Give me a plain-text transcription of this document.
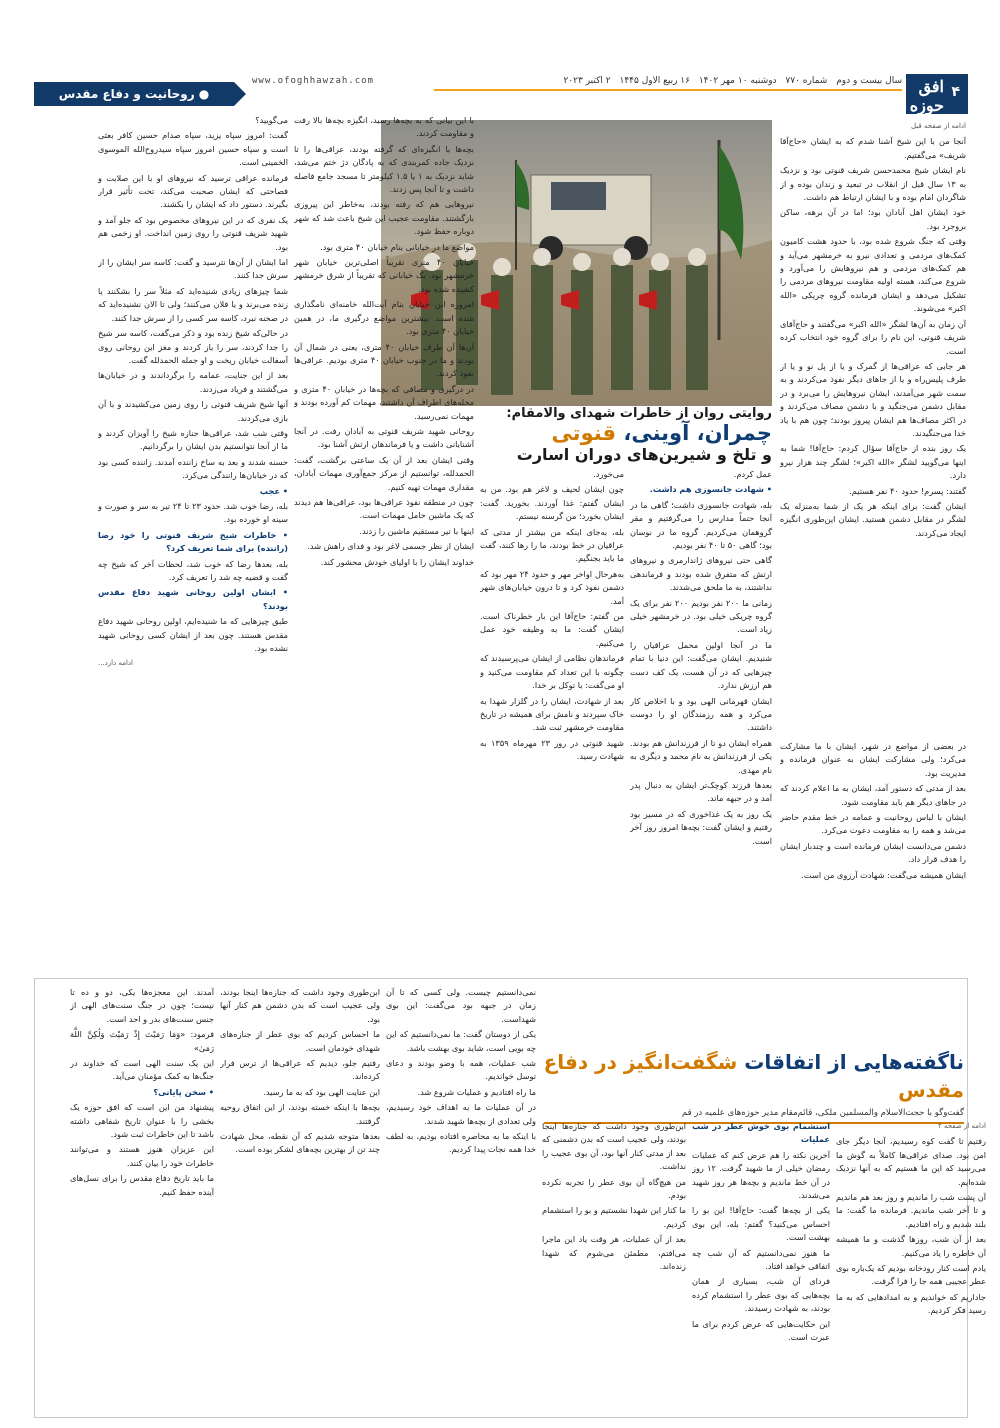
۴
افق حوزه
سال بیست و دوم شماره ۷۷۰ دوشنبه ۱۰ مهر ۱۴۰۲ ۱۶ ربیع الاول ۱۴۴۵ ۲ اکتبر ۲۰۲۳
www.ofoghhawzah.com
● روحانیت و دفاع مقدس

ادامه از صفحه قبل

آنجا من با این شیخ آشنا شدم که به ایشان «حاج‌آقا شریف» می‌گفتیم.

نام ایشان شیخ محمدحسن شریف قنوتی بود و نزدیک به ۱۳ سال قبل از انقلاب در تبعید و زندان بوده و از شاگردان امام بوده و با ایشان ارتباط هم داشت.

خود ایشان اهل آبادان بود؛ اما در آن برهه، ساکن بروجرد بود.

وقتی که جنگ شروع شده بود، با حدود هشت کامیون کمک‌های مردمی و تعدادی نیرو به خرمشهر می‌آید و هم کمک‌های مردمی و هم نیروهایش را می‌آورد و شروع می‌کند، هسته اولیه مقاومت نیروهای مردمی را تشکیل می‌دهد و ایشان فرمانده گروه چریکی «الله اکبر» می‌شوند.

آن زمان به آن‌ها لشگر «الله اکبر» می‌گفتند و حاج‌آقای شریف قنوتی، این نام را برای گروه خود انتخاب کرده است.

هر جایی که عراقی‌ها از گمرک و یا از پل نو و یا از طرف پلیس‌راه و یا از جاهای دیگر نفوذ می‌کردند و به سمت شهر می‌آمدند، ایشان نیروهایش را می‌برد و در مقابل دشمن می‌جنگید و با دشمن مصاف می‌کردند و در اکثر مصاف‌ها هم ایشان پیروز بودند؛ چون هم با یاد خدا می‌جنگیدند.

یک روز بنده از حاج‌آقا سؤال کردم: حاج‌آقا! شما به اینها می‌گویید لشگر «الله اکبر»؛ لشگر چند هزار نیرو دارد.

گفتند: پسرم! حدود ۴۰ نفر هستیم.

ایشان گفت: برای اینکه هر یک از شما به‌منزله یک لشگر در مقابل دشمن هستید. ایشان این‌طوری انگیزه ایجاد می‌کردند.

در بعضی از مواضع در شهر، ایشان با ما مشارکت می‌کرد؛ ولی مشارکت ایشان به عنوان فرمانده و مدیریت بود.

بعد از مدتی که دستور آمد، ایشان به ما اعلام کردند که در جاهای دیگر هم باید مقاومت شود.

ایشان با لباس روحانیت و عمامه در خط مقدم حاضر می‌شد و همه را به مقاومت دعوت می‌کرد.

دشمن می‌دانست ایشان فرمانده است و چندبار ایشان را هدف قرار داد.

ایشان همیشه می‌گفت: شهادت آرزوی من است.

روایتی روان از خاطرات شهدای والامقام:
چمران، آوینی، قنوتی
و تلخ و شیرین‌های دوران اسارت

عمل کردم.

• شهادت جانسوزی هم داشت.

بله، شهادت جانسوزی داشت؛ گاهی ما در آنجا حتماً مدارس را می‌گرفتیم و مقر گروهمان می‌کردیم. گروه ما در نوسان بود؛ گاهی ۵۰ تا ۴۰ نفر بودیم.

گاهی حتی نیروهای ژاندارمری و نیروهای ارتش که متفرق شده بودند و فرماندهی نداشتند، به ما ملحق می‌شدند.

زمانی ما ۲۰۰ نفر بودیم ۲۰۰ نفر برای یک گروه چریکی خیلی بود. در خرمشهر خیلی زیاد است.

ما در آنجا اولین محمل عراقیان را شنیدیم. ایشان می‌گفت: این دنیا با تمام چیزهایی که در آن هست، یک کف دست هم ارزش ندارد.

ایشان قهرمانی الهی بود و با اخلاص کار می‌کرد و همه رزمندگان او را دوست داشتند.

همراه ایشان دو تا از فرزندانش هم بودند. یکی از فرزندانش به نام محمد و دیگری به نام مهدی.

بعدها فرزند کوچک‌تر ایشان به دنبال پدر آمد و در جبهه ماند.

یک روز به یک غذاخوری که در مسیر بود رفتیم و ایشان گفت: بچه‌ها امروز روز آخر است.

می‌خورد.

چون ایشان لحیف و لاغر هم بود. من به ایشان گفتم: غذا آوردند. بخورید. گفت: ایشان بخورد؛ من گرسنه نیستم.

بله، به‌جای اینکه من بیشتر از مدتی که عراقیان در خط بودند، ما را رها کنند، گفت ما باید بجنگیم.

به‌هرحال اواخر مهر و حدود ۲۴ مهر بود که دشمن نفوذ کرد و تا درون خیابان‌های شهر آمد.

من گفتم: حاج‌آقا این بار خطرناک است. ایشان گفت: ما به وظیفه خود عمل می‌کنیم.

فرماندهان نظامی از ایشان می‌پرسیدند که چگونه با این تعداد کم مقاومت می‌کنید و او می‌گفت: با توکل بر خدا.

بعد از شهادت، ایشان را در گلزار شهدا به خاک سپردند و نامش برای همیشه در تاریخ مقاومت خرمشهر ثبت شد.

شهید قنوتی در روز ۲۳ مهرماه ۱۳۵۹ به شهادت رسید.

با این بیانی که به بچه‌ها رسید، انگیزه بچه‌ها بالا رفت و مقاومت کردند.

بچه‌ها با انگیزه‌ای که گرفته بودند، عراقی‌ها را تا نزدیک جاده کمربندی که به پادگان دژ ختم می‌شد، شاید نزدیک به ۱ یا ۱.۵ کیلومتر تا مسجد جامع فاصله داشت و تا آنجا پس زدند.

نیروهایی هم که رفته بودند، به‌خاطر این پیروزی بازگشتند. مقاومت عجیب این شیخ باعث شد که شهر دوباره حفظ شود.

مواضع ما در خیابانی بنام خیابان ۴۰ متری بود.

خیابان ۴۰ متری تقریباً اصلی‌ترین خیابان شهر خرمشهر بود. یک خیابانی که تقریباً از شرق خرمشهر کشیده شده بود.

امروزه این خیابان بنام آیت‌الله خامنه‌ای نامگذاری شده است. بیشترین مواضع درگیری ما، در همین خیابان ۴۰ متری بود.

آن‌ها آن طرف خیابان ۴۰ متری، یعنی در شمال آن بودند و ما در جنوب خیابان ۴۰ متری بودیم. عراقی‌ها نفوذ کردند.

در درگیری و مصافی که بچه‌ها در خیابان ۴۰ متری و محله‌های اطراف آن داشتند، مهمات کم آورده بودند و مهمات نمی‌رسید.

روحانی شهید شریف قنوتی به آبادان رفت. در آنجا آشنایانی داشت و یا فرماندهان ارتش آشنا بود.

وقتی ایشان بعد از آن یک ساعتی برگشت، گفت: الحمدلله، توانستیم از مرکز جمع‌آوری مهمات آبادان، مقداری مهمات تهیه کنیم.

چون در منطقه نفوذ عراقی‌ها بود، عراقی‌ها هم دیدند که یک ماشین حامل مهمات است.

اینها با تیر مستقیم ماشین را زدند.

ایشان از نظر جسمی لاغر بود و فدای راهش شد.

خداوند ایشان را با اولیای خودش محشور کند.

می‌گویید؟

گفت: امروز سپاه یزید، سپاه صدام حسین کافر بعثی است و سپاه حسین امروز سپاه سیدروح‌الله الموسوی الخمینی است.

فرمانده عراقی ترسید که نیروهای او با این صلابت و فصاحتی که ایشان صحبت می‌کند، تحت تأثیر قرار بگیرند. دستور داد که ایشان را بکشند.

یک نفری که در این نیروهای مخصوص بود که جلو آمد و شهید شریف قنوتی را روی زمین انداخت. او زخمی هم بود.

اما ایشان از آن‌ها نترسید و گفت: کاسه سر ایشان را از سرش جدا کنند.

شما چیزهای زیادی شنیده‌اید که مثلاً سر را بشکنند یا زنده می‌برند و یا فلان می‌کنند؛ ولی تا الان نشنیده‌اید که در صحنه نبرد، کاسه سر کسی را از سرش جدا کنند.

در حالی‌که شیخ زنده بود و ذکر می‌گفت، کاسه سر شیخ را جدا کردند، سر را باز کردند و مغز این روحانی روی آسفالت خیابان ریخت و او جمله الحمدلله گفت.

بعد از این جنایت، عمامه را برگرداندند و در خیابان‌ها می‌گشتند و فریاد می‌زدند.

آنها شیخ شریف قنوتی را روی زمین می‌کشیدند و با آن بازی می‌کردند.

وقتی شب شد، عراقی‌ها جنازه شیخ را آویزان کردند و ما از آنجا نتوانستیم بدن ایشان را برگردانیم.

حسنه شدند و بعد به ساخ زاننده آمدند. زاننده کسی بود که در خیابان‌ها رانندگی می‌کرد.

• عجب

بله، رضا خوب شد. حدود ۲۳ تا ۲۴ تیر به سر و صورت و سینه او خورده بود.

• خاطرات شیخ شریف قنوتی را خود رضا (راننده) برای شما تعریف کرد؟

بله، بعدها رضا که خوب شد، لحظات آخر که شیخ چه گفت و قضیه چه شد را تعریف کرد.

• ایشان اولین روحانی شهید دفاع مقدس بودند؟

طبق چیزهایی که ما شنیده‌ایم، اولین روحانی شهید دفاع مقدس هستند. چون بعد از ایشان کسی روحانی شهید نشده بود.

ادامه دارد...

ناگفته‌هایی از اتفاقات شگفت‌انگیز در دفاع مقدس
گفت‌وگو با حجت‌الاسلام والمسلمین ملکی، قائم‌مقام مدیر حوزه‌های علمیه در قم

ادامه از صفحه ۲

رفتیم تا گفت کوه رسیدیم، آنجا دیگر جای امن بود. صدای عراقی‌ها کاملاً به گوش ما می‌رسید که این ما هستیم که به آنها نزدیک شده‌ایم.

آن پشت شب را ماندیم و روز بعد هم ماندیم و تا آخر شب ماندیم. فرمانده ما گفت: ما بلند شدیم و راه افتادیم.

بعد از آن شب، روزها گذشت و ما همیشه آن خاطره را یاد می‌کنیم.

یادم است کنار رودخانه بودیم که یک‌باره بوی عطر عجیبی همه جا را فرا گرفت.

جاداریم که خواندیم و به امدادهایی که به ما رسید فکر کردیم.

استشمام بوی خوش عطر در شب عملیات

آخرین نکته را هم عرض کنم که عملیات رمضان خیلی از ما شهید گرفت. ۱۲ روز در آن خط ماندیم و بچه‌ها هر روز شهید می‌شدند.

یکی از بچه‌ها گفت: حاج‌آقا! این بو را احساس می‌کنید؟ گفتم: بله، این بوی بهشت است.

ما هنوز نمی‌دانستیم که آن شب چه اتفاقی خواهد افتاد.

فردای آن شب، بسیاری از همان بچه‌هایی که بوی عطر را استشمام کرده بودند، به شهادت رسیدند.

این حکایت‌هایی که عرض کردم برای ما عبرت است.

این‌طوری وجود داشت که جنازه‌ها اینجا بودند، ولی عجیب است که بدن دشمنی که بعد از مدتی کنار آنها بود، آن بوی عجیب را نداشت.

من هیچ‌گاه آن بوی عطر را تجربه نکرده بودم.

ما کنار این شهدا نشستیم و بو را استشمام کردیم.

بعد از آن عملیات، هر وقت یاد این ماجرا می‌افتم، مطمئن می‌شوم که شهدا زنده‌اند.

نمی‌دانستیم چیست. ولی کسی که تا آن زمان در جبهه بود می‌گفت: این بوی شهداست.

یکی از دوستان گفت: ما نمی‌دانستیم که این چه بویی است، شاید بوی بهشت باشد.

شب عملیات، همه با وضو بودند و دعای توسل خواندیم.

ما راه افتادیم و عملیات شروع شد.

در آن عملیات ما به اهداف خود رسیدیم، ولی تعدادی از بچه‌ها شهید شدند.

با اینکه ما به محاصره افتاده بودیم، به لطف خدا همه نجات پیدا کردیم.

ابن‌طوری وجود داشت که جنازه‌ها اینجا بودند، ولی عجیب است که بدن دشمن هم کنار آنها بود.

ما احساس کردیم که بوی عطر از جنازه‌های شهدای خودمان است.

رفتیم جلو، دیدیم که عراقی‌ها از ترس فرار کرده‌اند.

این عنایت الهی بود که به ما رسید.

بچه‌ها با اینکه خسته بودند، از این اتفاق روحیه گرفتند.

بعدها متوجه شدیم که آن نقطه، محل شهادت چند تن از بهترین بچه‌های لشکر بوده است.

آمدند. این معجزه‌ها یکی، دو و ده تا نیست؛ چون در جنگ سنت‌های الهی از جنس سنت‌های بدر و احد است.

فرمود: «وَمَا رَمَيْتَ إِذْ رَمَيْتَ وَلَٰكِنَّ اللَّهَ رَمَىٰ»

این یک سنت الهی است که خداوند در جنگ‌ها به کمک مؤمنان می‌آید.

• سخن پایانی؟

پیشنهاد من این است که افق حوزه یک بخشی را با عنوان تاریخ شفاهی داشته باشد تا این خاطرات ثبت شود.

این عزیزان هنوز هستند و می‌توانند خاطرات خود را بیان کنند.

ما باید تاریخ دفاع مقدس را برای نسل‌های آینده حفظ کنیم.
